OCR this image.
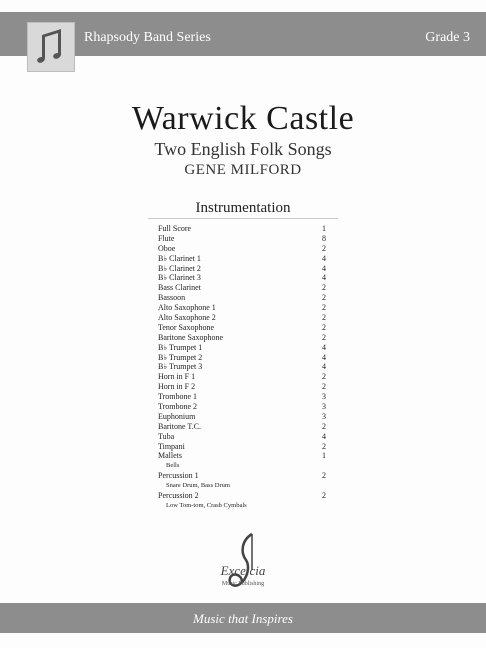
Rhapsody Band Series	Grade 3
Warwick Castle
Two English Folk Songs
GENE MILFORD
Instrumentation
Full Score	1
Flute	8
Oboe	2
B♭ Clarinet 1	4
B♭ Clarinet 2	4
B♭ Clarinet 3	4
Bass Clarinet	2
Bassoon	2
Alto Saxophone 1	2
Alto Saxophone 2	2
Tenor Saxophone	2
Baritone Saxophone	2
B♭ Trumpet 1	4
B♭ Trumpet 2	4
B♭ Trumpet 3	4
Horn in F 1	2
Horn in F 2	2
Trombone 1	3
Trombone 2	3
Euphonium	3
Baritone T.C.	2
Tuba	4
Timpani	2
Mallets	1
Bells
Percussion 1	2
Snare Drum, Bass Drum
Percussion 2	2
Low Tom-tom, Crash Cymbals
Excelcia
Music Publishing
Music that Inspires
